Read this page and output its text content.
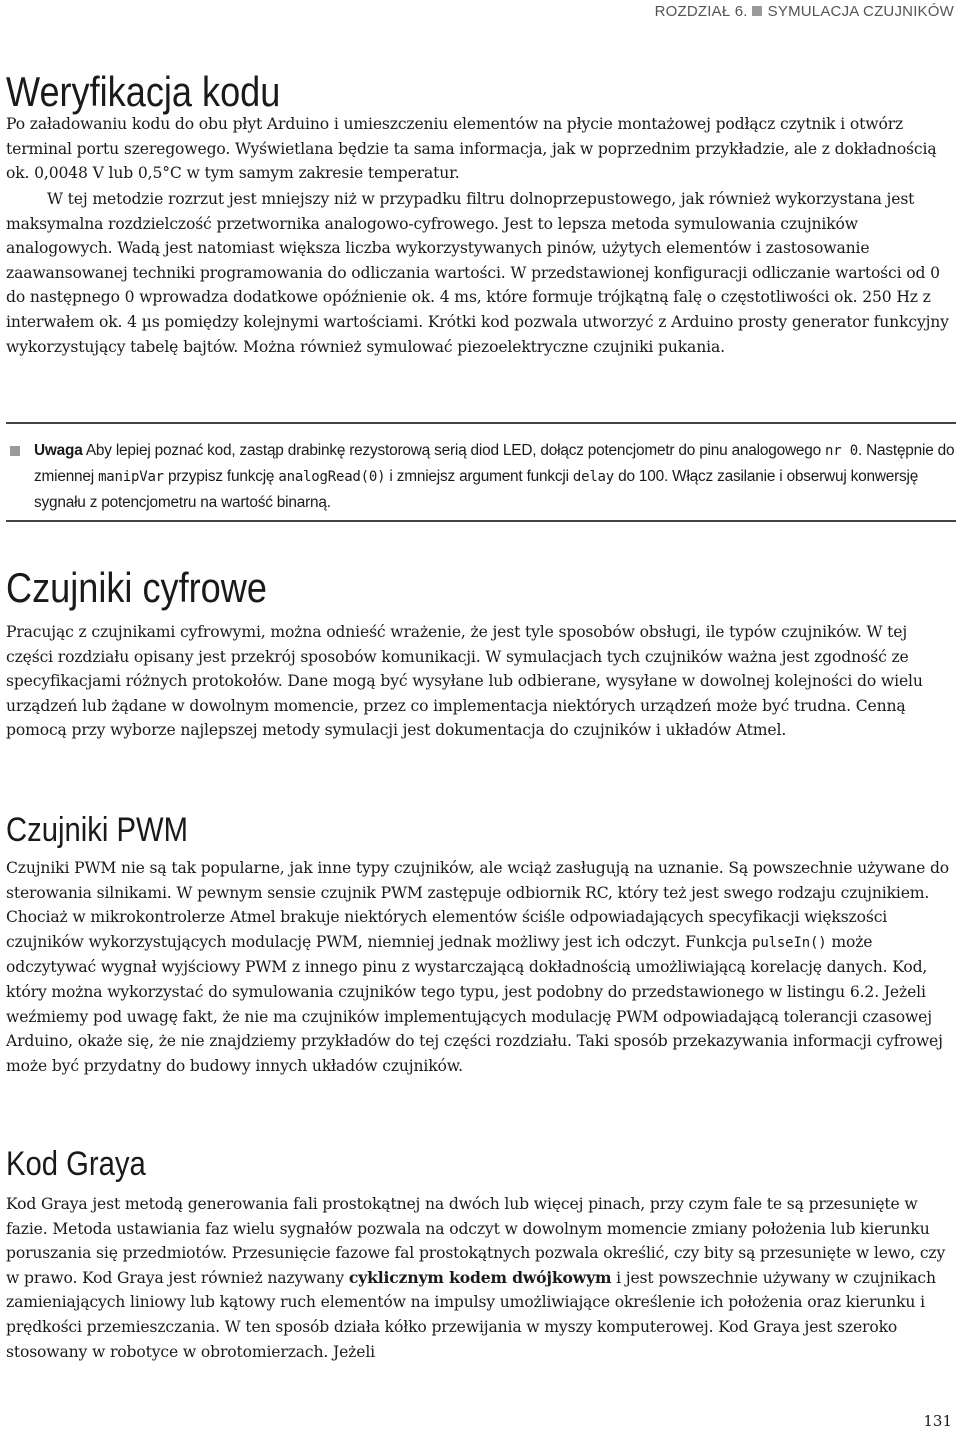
ROZDZIAŁ 6. SYMULACJA CZUJNIKÓW
Weryfikacja kodu

Po załadowaniu kodu do obu płyt Arduino i umieszczeniu elementów na płycie montażowej podłącz czytnik i otwórz terminal portu szeregowego. Wyświetlana będzie ta sama informacja, jak w poprzednim przykładzie, ale z dokładnością ok. 0,0048 V lub 0,5°C w tym samym zakresie temperatur.

W tej metodzie rozrzut jest mniejszy niż w przypadku filtru dolnoprzepustowego, jak również wykorzystana jest maksymalna rozdzielczość przetwornika analogowo-cyfrowego. Jest to lepsza metoda symulowania czujników analogowych. Wadą jest natomiast większa liczba wykorzystywanych pinów, użytych elementów i zastosowanie zaawansowanej techniki programowania do odliczania wartości. W przedstawionej konfiguracji odliczanie wartości od 0 do następnego 0 wprowadza dodatkowe opóźnienie ok. 4 ms, które formuje trójkątną falę o częstotliwości ok. 250 Hz z interwałem ok. 4 µs pomiędzy kolejnymi wartościami. Krótki kod pozwala utworzyć z Arduino prosty generator funkcyjny wykorzystujący tabelę bajtów. Można również symulować piezoelektryczne czujniki pukania.

Uwaga Aby lepiej poznać kod, zastąp drabinkę rezystorową serią diod LED, dołącz potencjometr do pinu analogowego nr 0. Następnie do zmiennej manipVar przypisz funkcję analogRead(0) i zmniejsz argument funkcji delay do 100. Włącz zasilanie i obserwuj konwersję sygnału z potencjometru na wartość binarną.
Czujniki cyfrowe

Pracując z czujnikami cyfrowymi, można odnieść wrażenie, że jest tyle sposobów obsługi, ile typów czujników. W tej części rozdziału opisany jest przekrój sposobów komunikacji. W symulacjach tych czujników ważna jest zgodność ze specyfikacjami różnych protokołów. Dane mogą być wysyłane lub odbierane, wysyłane w dowolnej kolejności do wielu urządzeń lub żądane w dowolnym momencie, przez co implementacja niektórych urządzeń może być trudna. Cenną pomocą przy wyborze najlepszej metody symulacji jest dokumentacja do czujników i układów Atmel.

Czujniki PWM

Czujniki PWM nie są tak popularne, jak inne typy czujników, ale wciąż zasługują na uznanie. Są powszechnie używane do sterowania silnikami. W pewnym sensie czujnik PWM zastępuje odbiornik RC, który też jest swego rodzaju czujnikiem. Chociaż w mikrokontrolerze Atmel brakuje niektórych elementów ściśle odpowiadających specyfikacji większości czujników wykorzystujących modulację PWM, niemniej jednak możliwy jest ich odczyt. Funkcja pulseIn() może odczytywać wygnał wyjściowy PWM z innego pinu z wystarczającą dokładnością umożliwiającą korelację danych. Kod, który można wykorzystać do symulowania czujników tego typu, jest podobny do przedstawionego w listingu 6.2. Jeżeli weźmiemy pod uwagę fakt, że nie ma czujników implementujących modulację PWM odpowiadającą tolerancji czasowej Arduino, okaże się, że nie znajdziemy przykładów do tej części rozdziału. Taki sposób przekazywania informacji cyfrowej może być przydatny do budowy innych układów czujników.

Kod Graya

Kod Graya jest metodą generowania fali prostokątnej na dwóch lub więcej pinach, przy czym fale te są przesunięte w fazie. Metoda ustawiania faz wielu sygnałów pozwala na odczyt w dowolnym momencie zmiany położenia lub kierunku poruszania się przedmiotów. Przesunięcie fazowe fal prostokątnych pozwala określić, czy bity są przesunięte w lewo, czy w prawo. Kod Graya jest również nazywany cyklicznym kodem dwójkowym i jest powszechnie używany w czujnikach zamieniających liniowy lub kątowy ruch elementów na impulsy umożliwiające określenie ich położenia oraz kierunku i prędkości przemieszczania. W ten sposób działa kółko przewijania w myszy komputerowej. Kod Graya jest szeroko stosowany w robotyce w obrotomierzach. Jeżeli

131
